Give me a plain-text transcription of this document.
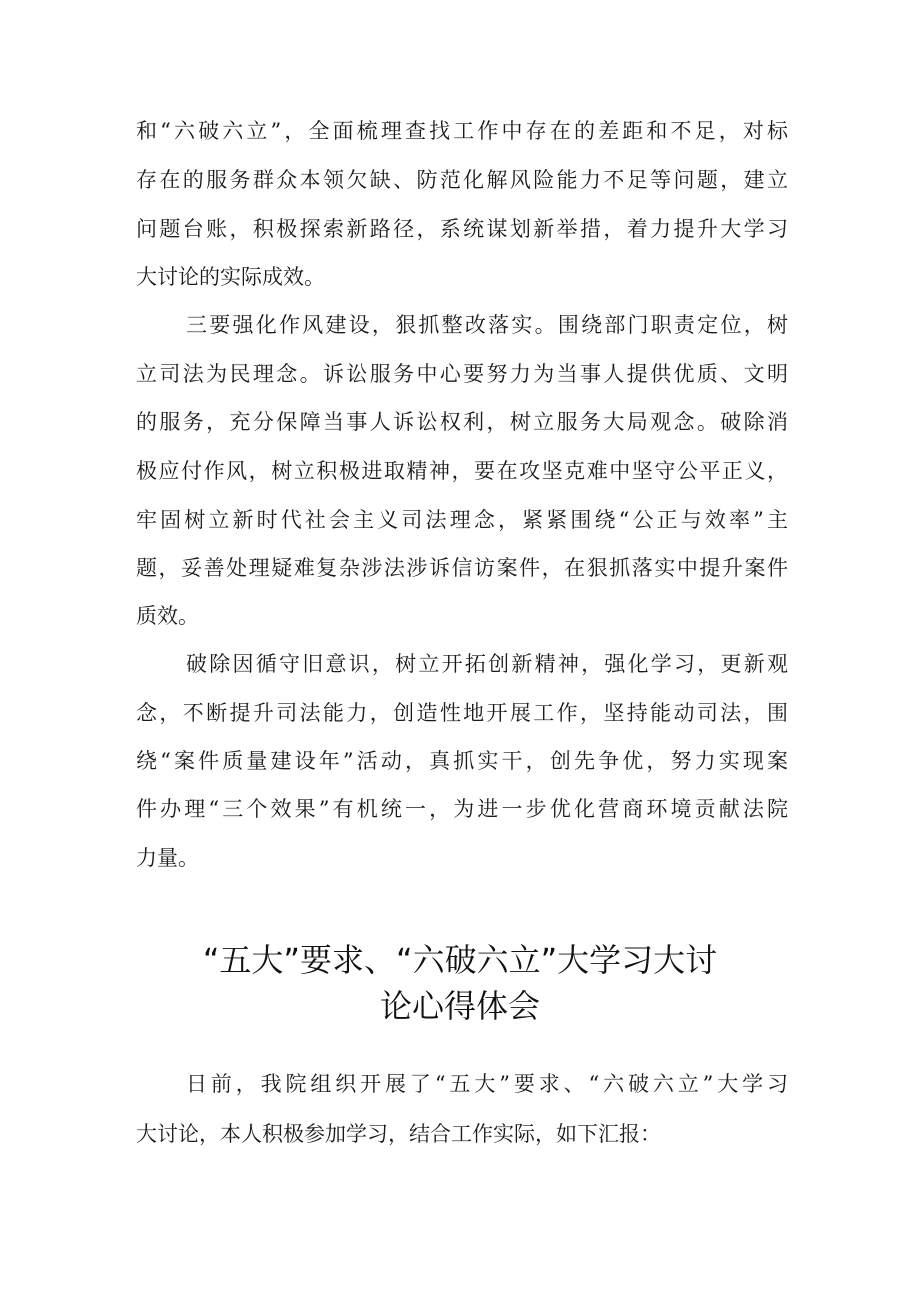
和“六破六立”，全面梳理查找工作中存在的差距和不足，对标
存在的服务群众本领欠缺、防范化解风险能力不足等问题，建立
问题台账，积极探索新路径，系统谋划新举措，着力提升大学习
大讨论的实际成效。
三要强化作风建设，狠抓整改落实。围绕部门职责定位，树
立司法为民理念。诉讼服务中心要努力为当事人提供优质、文明
的服务，充分保障当事人诉讼权利，树立服务大局观念。破除消
极应付作风，树立积极进取精神，要在攻坚克难中坚守公平正义，
牢固树立新时代社会主义司法理念，紧紧围绕“公正与效率”主
题，妥善处理疑难复杂涉法涉诉信访案件，在狠抓落实中提升案件
质效。
破除因循守旧意识，树立开拓创新精神，强化学习，更新观
念，不断提升司法能力，创造性地开展工作，坚持能动司法，围
绕“案件质量建设年”活动，真抓实干，创先争优，努力实现案
件办理“三个效果”有机统一，为进一步优化营商环境贡献法院
力量。
“五大”要求、“六破六立”大学习大讨
论心得体会
日前，我院组织开展了“五大”要求、“六破六立”大学习
大讨论，本人积极参加学习，结合工作实际，如下汇报：
